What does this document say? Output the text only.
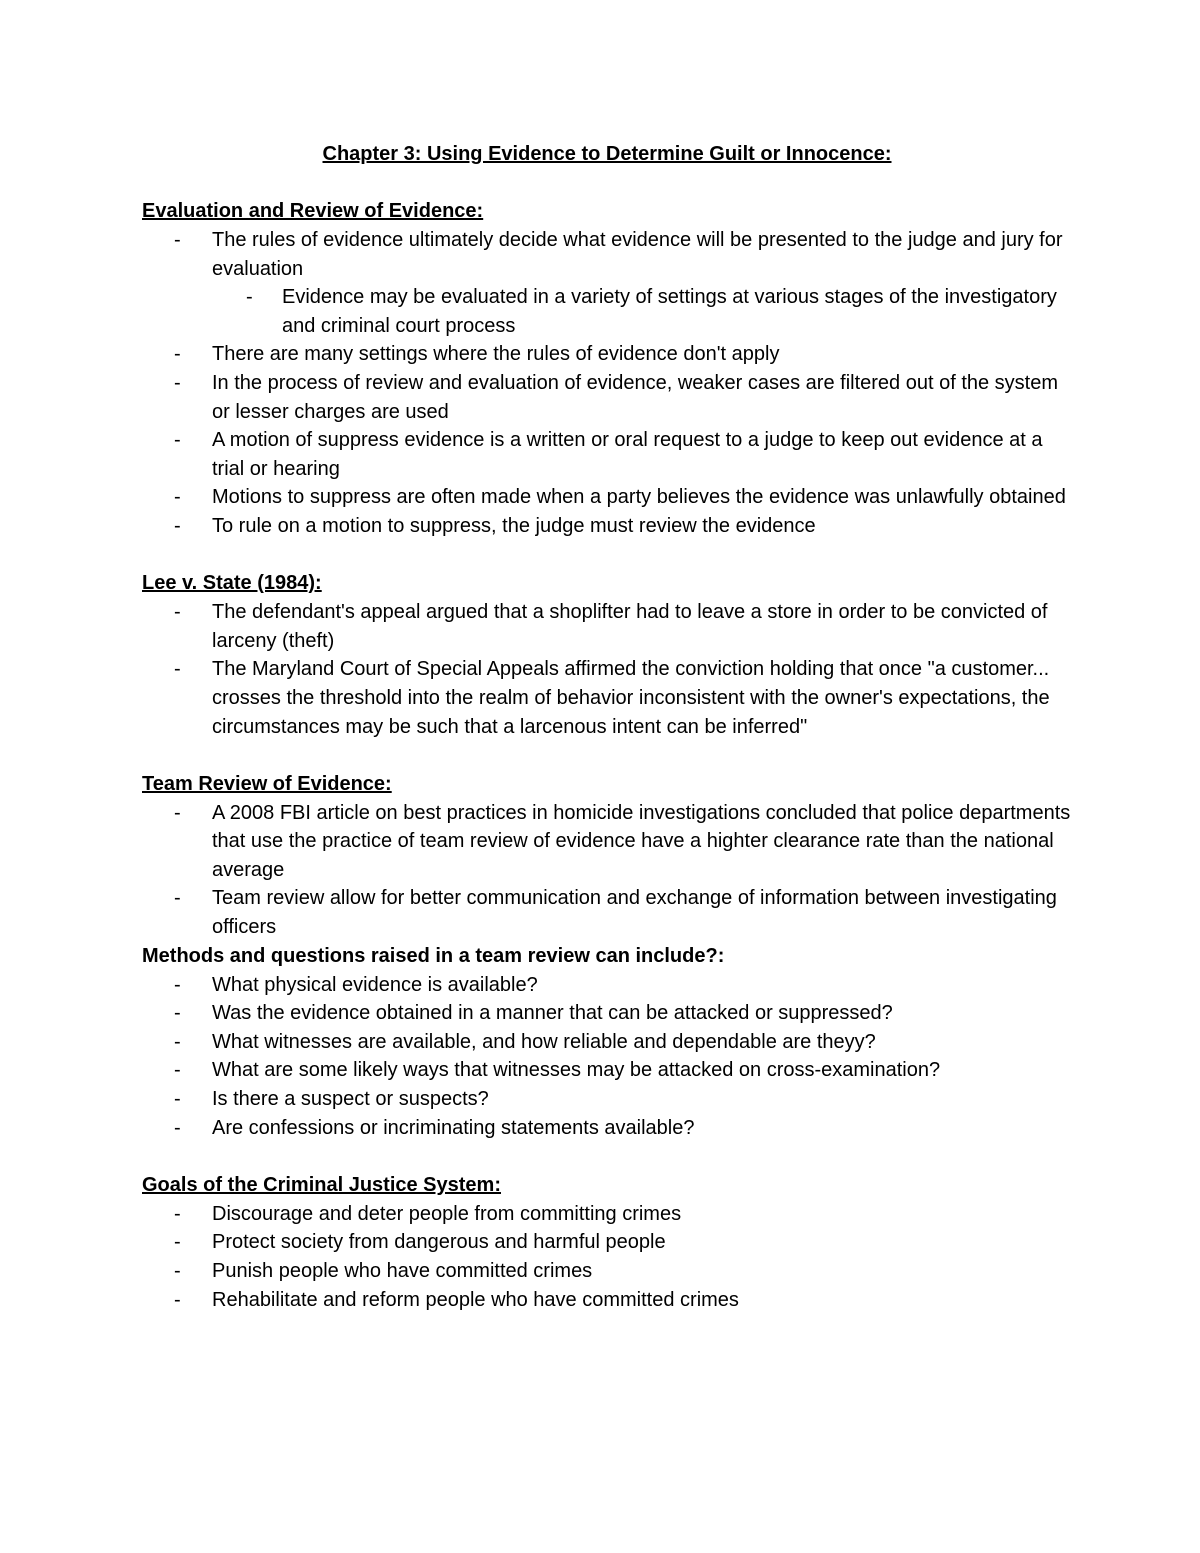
Chapter 3: Using Evidence to Determine Guilt or Innocence:
Evaluation and Review of Evidence:
- The rules of evidence ultimately decide what evidence will be presented to the judge and jury for evaluation
- Evidence may be evaluated in a variety of settings at various stages of the investigatory and criminal court process
- There are many settings where the rules of evidence don't apply
- In the process of review and evaluation of evidence, weaker cases are filtered out of the system or lesser charges are used
- A motion of suppress evidence is a written or oral request to a judge to keep out evidence at a trial or hearing
- Motions to suppress are often made when a party believes the evidence was unlawfully obtained
- To rule on a motion to suppress, the judge must review the evidence
Lee v. State (1984):
- The defendant's appeal argued that a shoplifter had to leave a store in order to be convicted of larceny (theft)
- The Maryland Court of Special Appeals affirmed the conviction holding that once "a customer... crosses the threshold into the realm of behavior inconsistent with the owner's expectations, the circumstances may be such that a larcenous intent can be inferred"
Team Review of Evidence:
- A 2008 FBI article on best practices in homicide investigations concluded that police departments that use the practice of team review of evidence have a highter clearance rate than the national average
- Team review allow for better communication and exchange of information between investigating officers
Methods and questions raised in a team review can include?:
- What physical evidence is available?
- Was the evidence obtained in a manner that can be attacked or suppressed?
- What witnesses are available, and how reliable and dependable are theyy?
- What are some likely ways that witnesses may be attacked on cross-examination?
- Is there a suspect or suspects?
- Are confessions or incriminating statements available?
Goals of the Criminal Justice System:
- Discourage and deter people from committing crimes
- Protect society from dangerous and harmful people
- Punish people who have committed crimes
- Rehabilitate and reform people who have committed crimes
